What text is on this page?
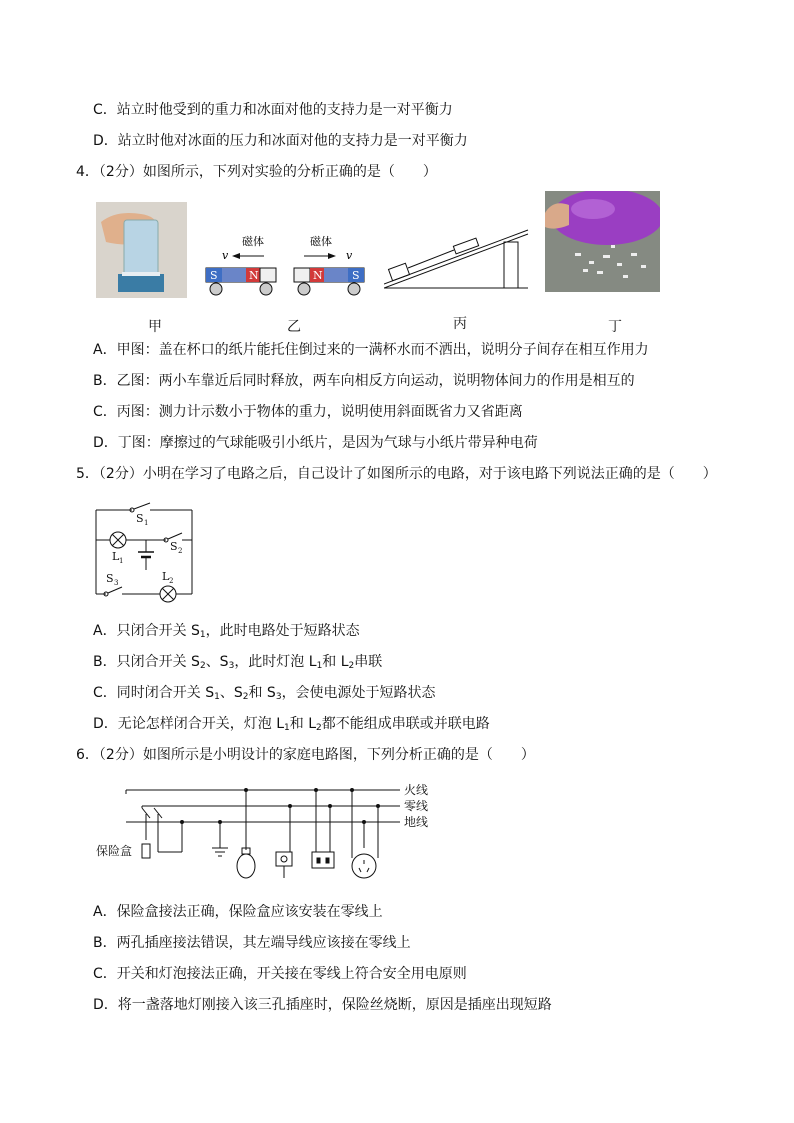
C．站立时他受到的重力和冰面对他的支持力是一对平衡力
D．站立时他对冰面的压力和冰面对他的支持力是一对平衡力
4．（2分）如图所示，下列对实验的分析正确的是（　　）
甲
磁体
v
磁体
v
S	N	N	S
乙	丙	丁
A．甲图：盖在杯口的纸片能托住倒过来的一满杯水而不洒出，说明分子间存在相互作用力
B．乙图：两小车靠近后同时释放，两车向相反方向运动，说明物体间力的作用是相互的
C．丙图：测力计示数小于物体的重力，说明使用斜面既省力又省距离
D．丁图：摩擦过的气球能吸引小纸片，是因为气球与小纸片带异种电荷
5．（2分）小明在学习了电路之后，自己设计了如图所示的电路，对于该电路下列说法正确的是（　　）
S 1
S 2
L 1
S 3	L 2
A．只闭合开关 $S_1$，此时电路处于短路状态
B．只闭合开关 $S_2$、$S_3$，此时灯泡 $L_1$和 $L_2$串联
C．同时闭合开关 $S_1$、$S_2$和 $S_3$，会使电源处于短路状态
D．无论怎样闭合开关，灯泡 $L_1$和 $L_2$都不能组成串联或并联电路
6．（2分）如图所示是小明设计的家庭电路图，下列分析正确的是（　　）
火线
零线
地线
保险盒
A．保险盒接法正确，保险盒应该安装在零线上
B．两孔插座接法错误，其左端导线应该接在零线上
C．开关和灯泡接法正确，开关接在零线上符合安全用电原则
D．将一盏落地灯刚接入该三孔插座时，保险丝烧断，原因是插座出现短路
